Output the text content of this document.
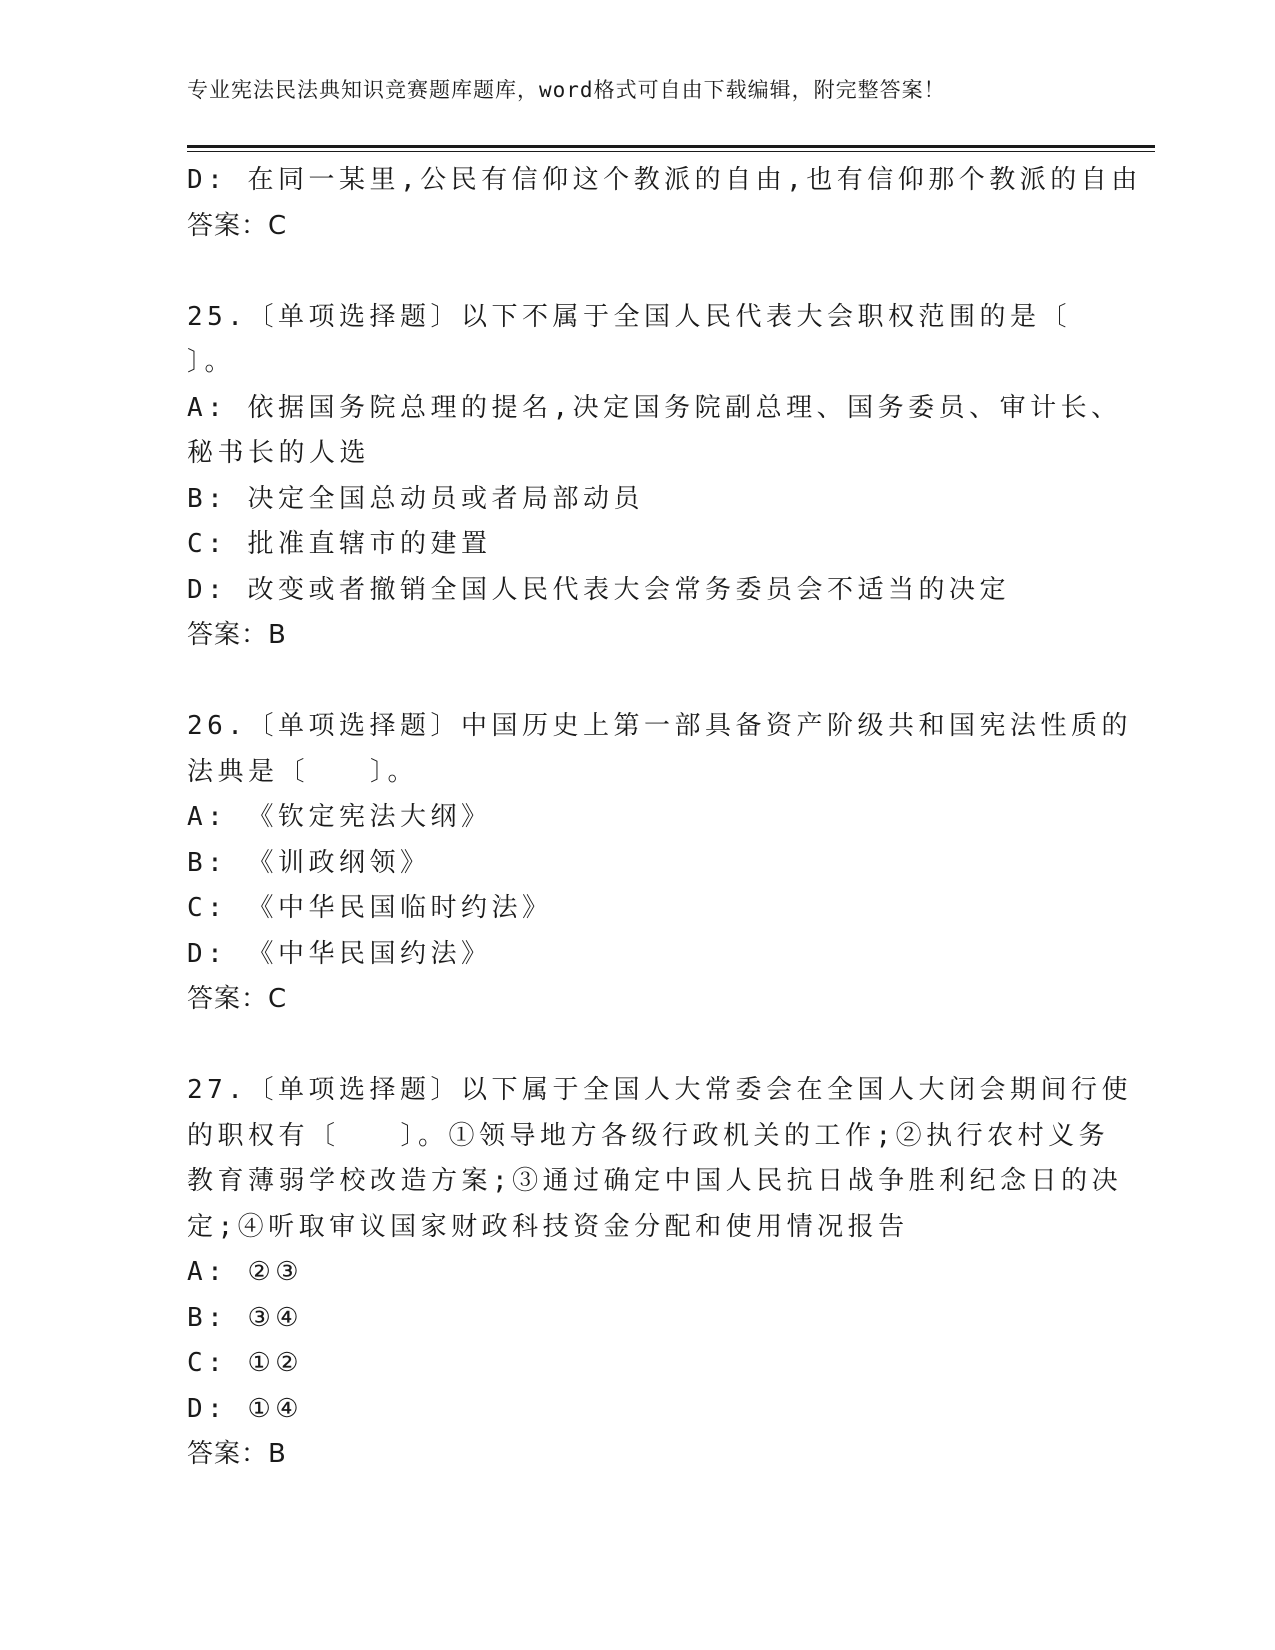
专业宪法民法典知识竞赛题库题库，word格式可自由下载编辑，附完整答案！
D: 在同一某里,公民有信仰这个教派的自由,也有信仰那个教派的自由
答案：C
25.〔单项选择题〕以下不属于全国人民代表大会职权范围的是〔
〕。
A: 依据国务院总理的提名,决定国务院副总理、国务委员、审计长、
秘书长的人选
B: 决定全国总动员或者局部动员
C: 批准直辖市的建置
D: 改变或者撤销全国人民代表大会常务委员会不适当的决定
答案：B
26.〔单项选择题〕中国历史上第一部具备资产阶级共和国宪法性质的
法典是〔　　〕。
A: 《钦定宪法大纲》
B: 《训政纲领》
C: 《中华民国临时约法》
D: 《中华民国约法》
答案：C
27.〔单项选择题〕以下属于全国人大常委会在全国人大闭会期间行使
的职权有〔　　〕。①领导地方各级行政机关的工作;②执行农村义务
教育薄弱学校改造方案;③通过确定中国人民抗日战争胜利纪念日的决
定;④听取审议国家财政科技资金分配和使用情况报告
A: ②③
B: ③④
C: ①②
D: ①④
答案：B
